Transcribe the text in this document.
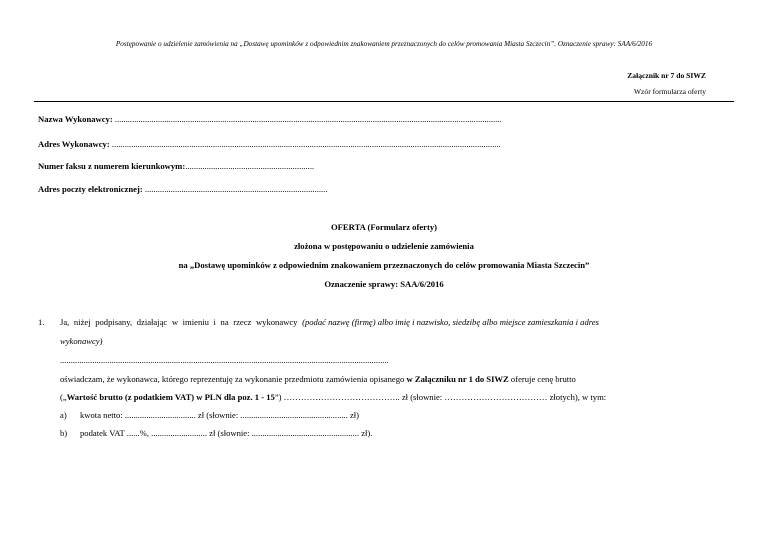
Postępowanie o udzielenie zamówienia na „Dostawę upominków z odpowiednim znakowaniem przeznaczonych do celów promowania Miasta Szczecin”. Oznaczenie sprawy: SAA/6/2016
Załącznik nr 7 do SIWZ
Wzór formularza oferty
Nazwa Wykonawcy: ....................................................................................................................................................................................
Adres Wykonawcy: .....................................................................................................................................................................................
Numer faksu z numerem kierunkowym:............................................................
Adres poczty elektronicznej: .....................................................................................
OFERTA (Formularz oferty)
złożona w postępowaniu o udzielenie zamówienia
na „Dostawę upominków z odpowiednim znakowaniem przeznaczonych do celów promowania Miasta Szczecin”
Oznaczenie sprawy: SAA/6/2016
1. Ja, niżej podpisany, działając w imieniu i na rzecz wykonawcy (podać nazwę (firmę) albo imię i nazwisko, siedzibę albo miejsce zamieszkania i adres
wykonawcy)
.........................................................................................................................................................
oświadczam, że wykonawca, którego reprezentuję za wykonanie przedmiotu zamówienia opisanego w Załączniku nr 1 do SIWZ oferuje cenę brutto
(„Wartość brutto (z podatkiem VAT) w PLN dla poz. 1 - 15”) ………………………………….. zł (słownie: ……………………………… złotych), w tym:
a) kwota netto: ................................. zł (słownie: .................................................. zł)
b) podatek VAT ......%, .......................... zł (słownie: .................................................. zł).
